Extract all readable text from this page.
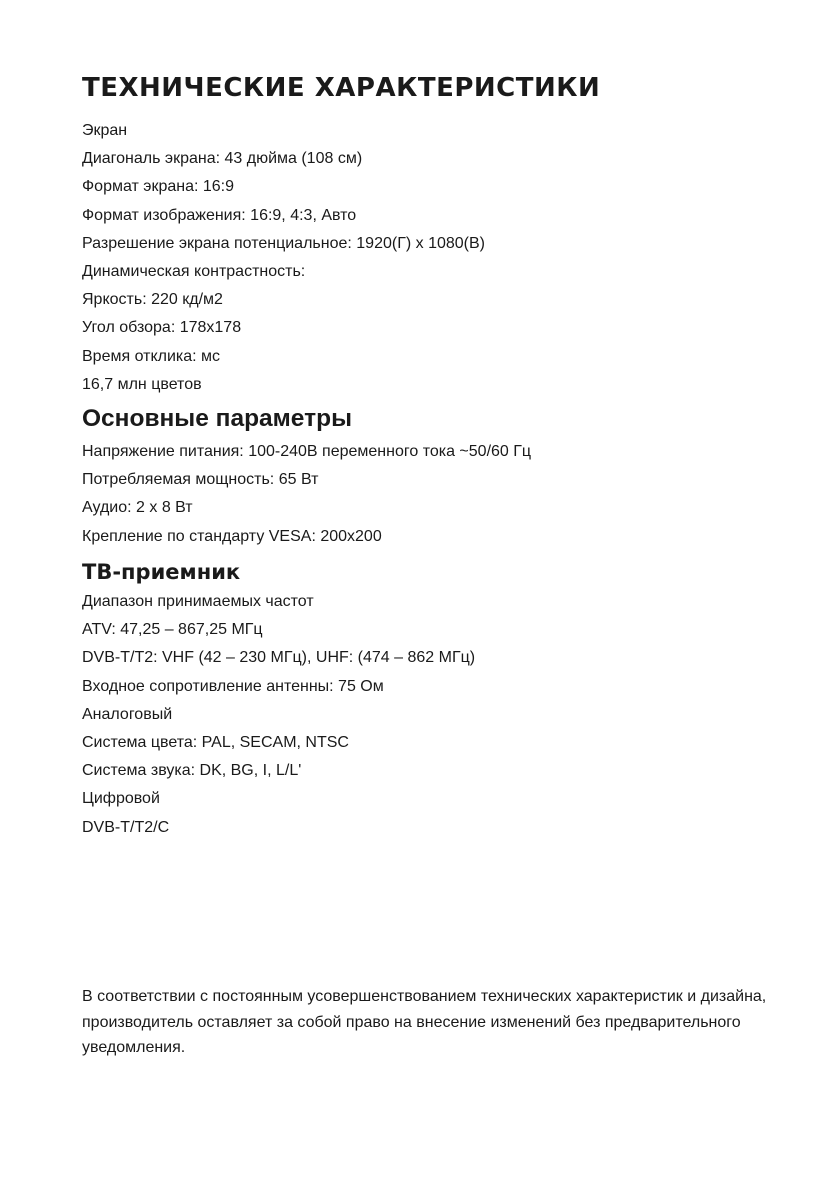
ТЕХНИЧЕСКИЕ ХАРАКТЕРИСТИКИ
Экран
Диагональ экрана: 43 дюйма (108 см)
Формат экрана: 16:9
Формат изображения: 16:9, 4:3, Авто
Разрешение экрана потенциальное: 1920(Г) x 1080(В)
Динамическая контрастность:
Яркость: 220 кд/м2
Угол обзора: 178x178
Время отклика: мс
16,7 млн цветов
Основные параметры
Напряжение питания: 100-240В переменного тока ~50/60 Гц
Потребляемая мощность: 65 Вт
Аудио: 2 x 8 Вт
Крепление по стандарту VESA: 200x200
ТВ-приемник
Диапазон принимаемых частот
ATV: 47,25 – 867,25 МГц
DVB-T/T2: VHF (42 – 230 МГц), UHF: (474 – 862 МГц)
Входное сопротивление антенны: 75 Ом
Аналоговый
Система цвета: PAL, SECAM, NTSC
Система звука: DK, BG, I, L/L'
Цифровой
DVB-T/T2/C

В соответствии с постоянным усовершенствованием технических характеристик и дизайна, производитель оставляет за собой право на внесение изменений без предварительного уведомления.
